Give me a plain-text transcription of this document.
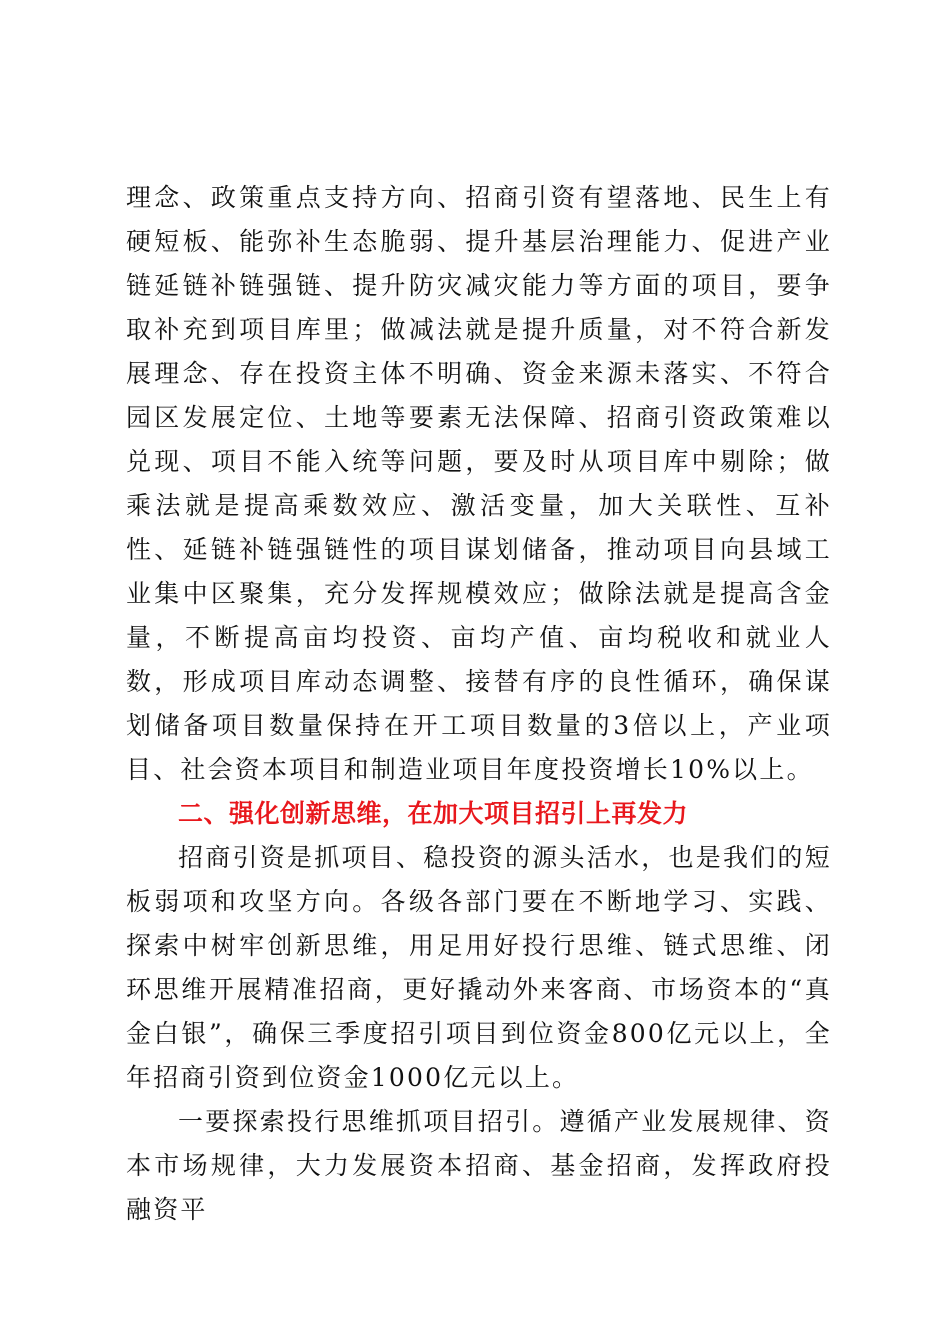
理念、政策重点支持方向、招商引资有望落地、民生上有硬短板、能弥补生态脆弱、提升基层治理能力、促进产业链延链补链强链、提升防灾减灾能力等方面的项目，要争取补充到项目库里；做减法就是提升质量，对不符合新发展理念、存在投资主体不明确、资金来源未落实、不符合园区发展定位、土地等要素无法保障、招商引资政策难以兑现、项目不能入统等问题，要及时从项目库中剔除；做乘法就是提高乘数效应、激活变量，加大关联性、互补性、延链补链强链性的项目谋划储备，推动项目向县域工业集中区聚集，充分发挥规模效应；做除法就是提高含金量，不断提高亩均投资、亩均产值、亩均税收和就业人数，形成项目库动态调整、接替有序的良性循环，确保谋划储备项目数量保持在开工项目数量的3倍以上，产业项目、社会资本项目和制造业项目年度投资增长10%以上。

二、强化创新思维，在加大项目招引上再发力

招商引资是抓项目、稳投资的源头活水，也是我们的短板弱项和攻坚方向。各级各部门要在不断地学习、实践、探索中树牢创新思维，用足用好投行思维、链式思维、闭环思维开展精准招商，更好撬动外来客商、市场资本的“真金白银”，确保三季度招引项目到位资金800亿元以上，全年招商引资到位资金1000亿元以上。

一要探索投行思维抓项目招引。遵循产业发展规律、资本市场规律，大力发展资本招商、基金招商，发挥政府投融资平
